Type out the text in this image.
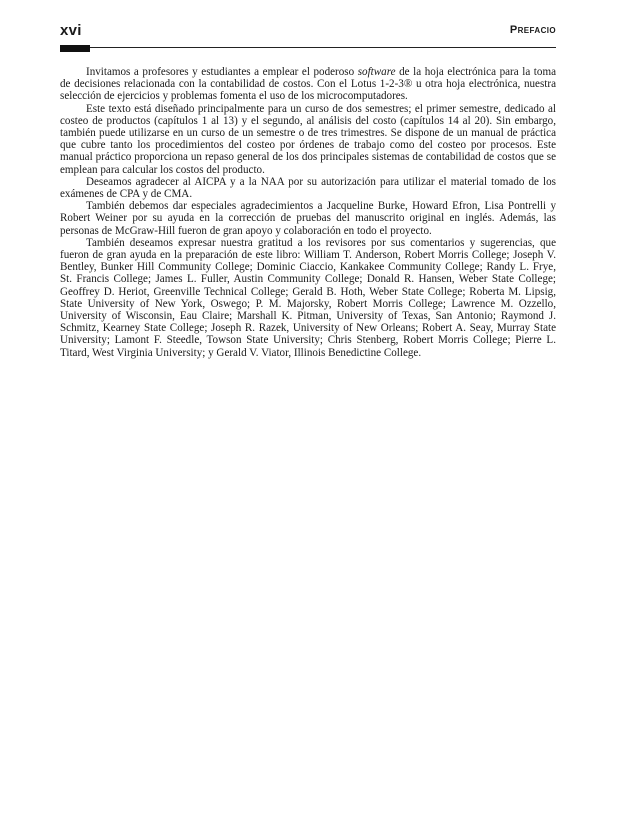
xvi	Prefacio

Invitamos a profesores y estudiantes a emplear el poderoso software de la hoja electrónica para la toma de decisiones relacionada con la contabilidad de costos. Con el Lotus 1-2-3® u otra hoja electrónica, nuestra selección de ejercicios y problemas fomenta el uso de los microcomputadores.

Este texto está diseñado principalmente para un curso de dos semestres; el primer semestre, dedicado al costeo de productos (capítulos 1 al 13) y el segundo, al análisis del costo (capítulos 14 al 20). Sin embargo, también puede utilizarse en un curso de un semestre o de tres trimestres. Se dispone de un manual de práctica que cubre tanto los procedimientos del costeo por órdenes de trabajo como del costeo por procesos. Este manual práctico proporciona un repaso general de los dos principales sistemas de contabilidad de costos que se emplean para calcular los costos del producto.

Deseamos agradecer al AICPA y a la NAA por su autorización para utilizar el material tomado de los exámenes de CPA y de CMA.

También debemos dar especiales agradecimientos a Jacqueline Burke, Howard Efron, Lisa Pontrelli y Robert Weiner por su ayuda en la corrección de pruebas del manuscrito original en inglés. Además, las personas de McGraw-Hill fueron de gran apoyo y colaboración en todo el proyecto.

También deseamos expresar nuestra gratitud a los revisores por sus comentarios y sugerencias, que fueron de gran ayuda en la preparación de este libro: William T. Anderson, Robert Morris College; Joseph V. Bentley, Bunker Hill Community College; Dominic Ciaccio, Kankakee Community College; Randy L. Frye, St. Francis College; James L. Fuller, Austin Community College; Donald R. Hansen, Weber State College; Geoffrey D. Heriot, Greenville Technical College; Gerald B. Hoth, Weber State College; Roberta M. Lipsig, State University of New York, Oswego; P. M. Majorsky, Robert Morris College; Lawrence M. Ozzello, University of Wisconsin, Eau Claire; Marshall K. Pitman, University of Texas, San Antonio; Raymond J. Schmitz, Kearney State College; Joseph R. Razek, University of New Orleans; Robert A. Seay, Murray State University; Lamont F. Steedle, Towson State University; Chris Stenberg, Robert Morris College; Pierre L. Titard, West Virginia University; y Gerald V. Viator, Illinois Benedictine College.
